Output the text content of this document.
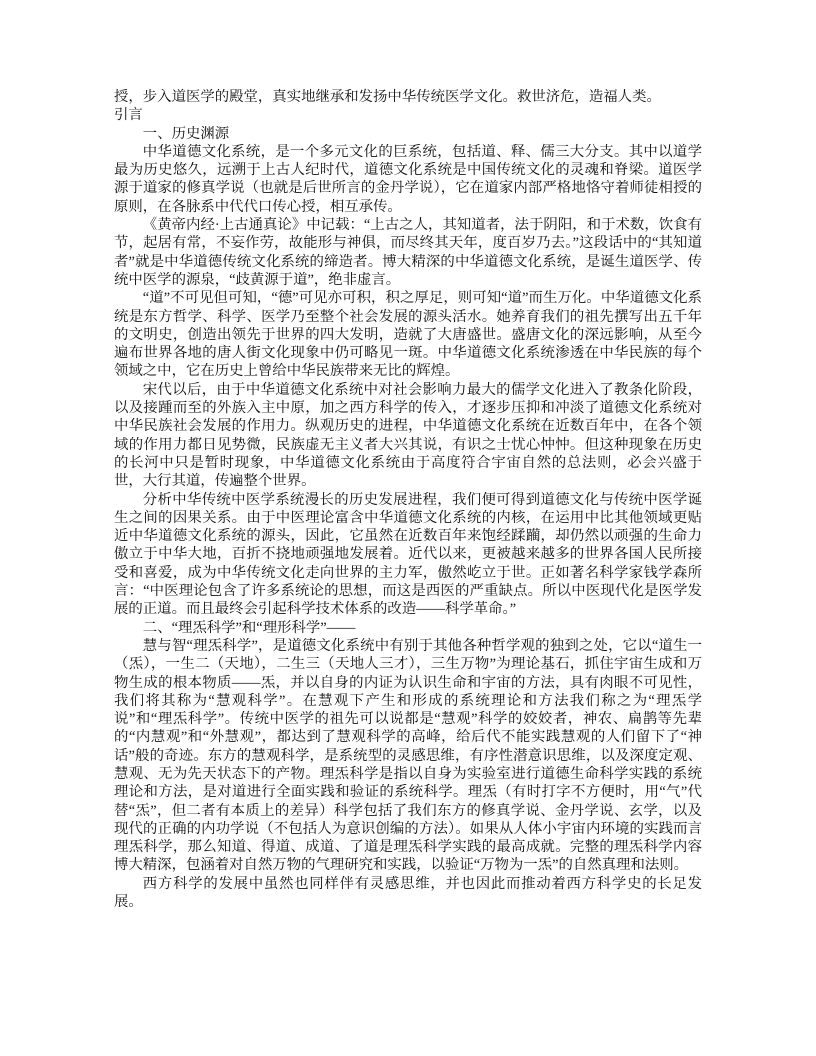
授，步入道医学的殿堂，真实地继承和发扬中华传统医学文化。救世济危，造福人类。

引言

一、历史渊源

中华道德文化系统，是一个多元文化的巨系统，包括道、释、儒三大分支。其中以道学最为历史悠久，远溯于上古人纪时代，道德文化系统是中国传统文化的灵魂和脊梁。道医学源于道家的修真学说（也就是后世所言的金丹学说），它在道家内部严格地恪守着师徒相授的原则，在各脉系中代代口传心授，相互承传。

《黄帝内经·上古通真论》中记载：“上古之人，其知道者，法于阴阳，和于术数，饮食有节，起居有常，不妄作劳，故能形与神俱，而尽终其天年，度百岁乃去。”这段话中的“其知道者”就是中华道德传统文化系统的缔造者。博大精深的中华道德文化系统，是诞生道医学、传统中医学的源泉，“歧黄源于道”，绝非虚言。

“道”不可见但可知，“德”可见亦可积，积之厚足，则可知“道”而生万化。中华道德文化系统是东方哲学、科学、医学乃至整个社会发展的源头活水。她养育我们的祖先撰写出五千年的文明史，创造出领先于世界的四大发明，造就了大唐盛世。盛唐文化的深远影响，从至今遍布世界各地的唐人街文化现象中仍可略见一斑。中华道德文化系统渗透在中华民族的每个领域之中，它在历史上曾给中华民族带来无比的辉煌。

宋代以后，由于中华道德文化系统中对社会影响力最大的儒学文化进入了教条化阶段，以及接踵而至的外族入主中原，加之西方科学的传入，才逐步压抑和冲淡了道德文化系统对中华民族社会发展的作用力。纵观历史的进程，中华道德文化系统在近数百年中，在各个领域的作用力都日见势微，民族虚无主义者大兴其说，有识之士忧心忡忡。但这种现象在历史的长河中只是暂时现象，中华道德文化系统由于高度符合宇宙自然的总法则，必会兴盛于世，大行其道，传遍整个世界。

分析中华传统中医学系统漫长的历史发展进程，我们便可得到道德文化与传统中医学诞生之间的因果关系。由于中医理论富含中华道德文化系统的内核，在运用中比其他领域更贴近中华道德文化系统的源头，因此，它虽然在近数百年来饱经蹂躏，却仍然以顽强的生命力傲立于中华大地，百折不挠地顽强地发展着。近代以来，更被越来越多的世界各国人民所接受和喜爱，成为中华传统文化走向世界的主力军，傲然屹立于世。正如著名科学家钱学森所言：“中医理论包含了许多系统论的思想，而这是西医的严重缺点。所以中医现代化是医学发展的正道。而且最终会引起科学技术体系的改造——科学革命。”

二、“理炁科学”和“理形科学”——

慧与智“理炁科学”，是道德文化系统中有别于其他各种哲学观的独到之处，它以“道生一（炁），一生二（天地），二生三（天地人三才），三生万物”为理论基石，抓住宇宙生成和万物生成的根本物质——炁，并以自身的内证为认识生命和宇宙的方法，具有肉眼不可见性，我们将其称为“慧观科学”。在慧观下产生和形成的系统理论和方法我们称之为“理炁学说”和“理炁科学”。传统中医学的祖先可以说都是“慧观”科学的姣姣者，神农、扁鹊等先辈的“内慧观”和“外慧观”，都达到了慧观科学的高峰，给后代不能实践慧观的人们留下了“神话”般的奇迹。东方的慧观科学，是系统型的灵感思维，有序性潜意识思维，以及深度定观、慧观、无为先天状态下的产物。理炁科学是指以自身为实验室进行道德生命科学实践的系统理论和方法，是对道进行全面实践和验证的系统科学。理炁（有时打字不方便时，用“气”代替“炁”，但二者有本质上的差异）科学包括了我们东方的修真学说、金丹学说、玄学，以及现代的正确的内功学说（不包括人为意识创编的方法）。如果从人体小宇宙内环境的实践而言理炁科学，那么知道、得道、成道、了道是理炁科学实践的最高成就。完整的理炁科学内容博大精深，包涵着对自然万物的气理研究和实践，以验证“万物为一炁”的自然真理和法则。

西方科学的发展中虽然也同样伴有灵感思维，并也因此而推动着西方科学史的长足发展。
